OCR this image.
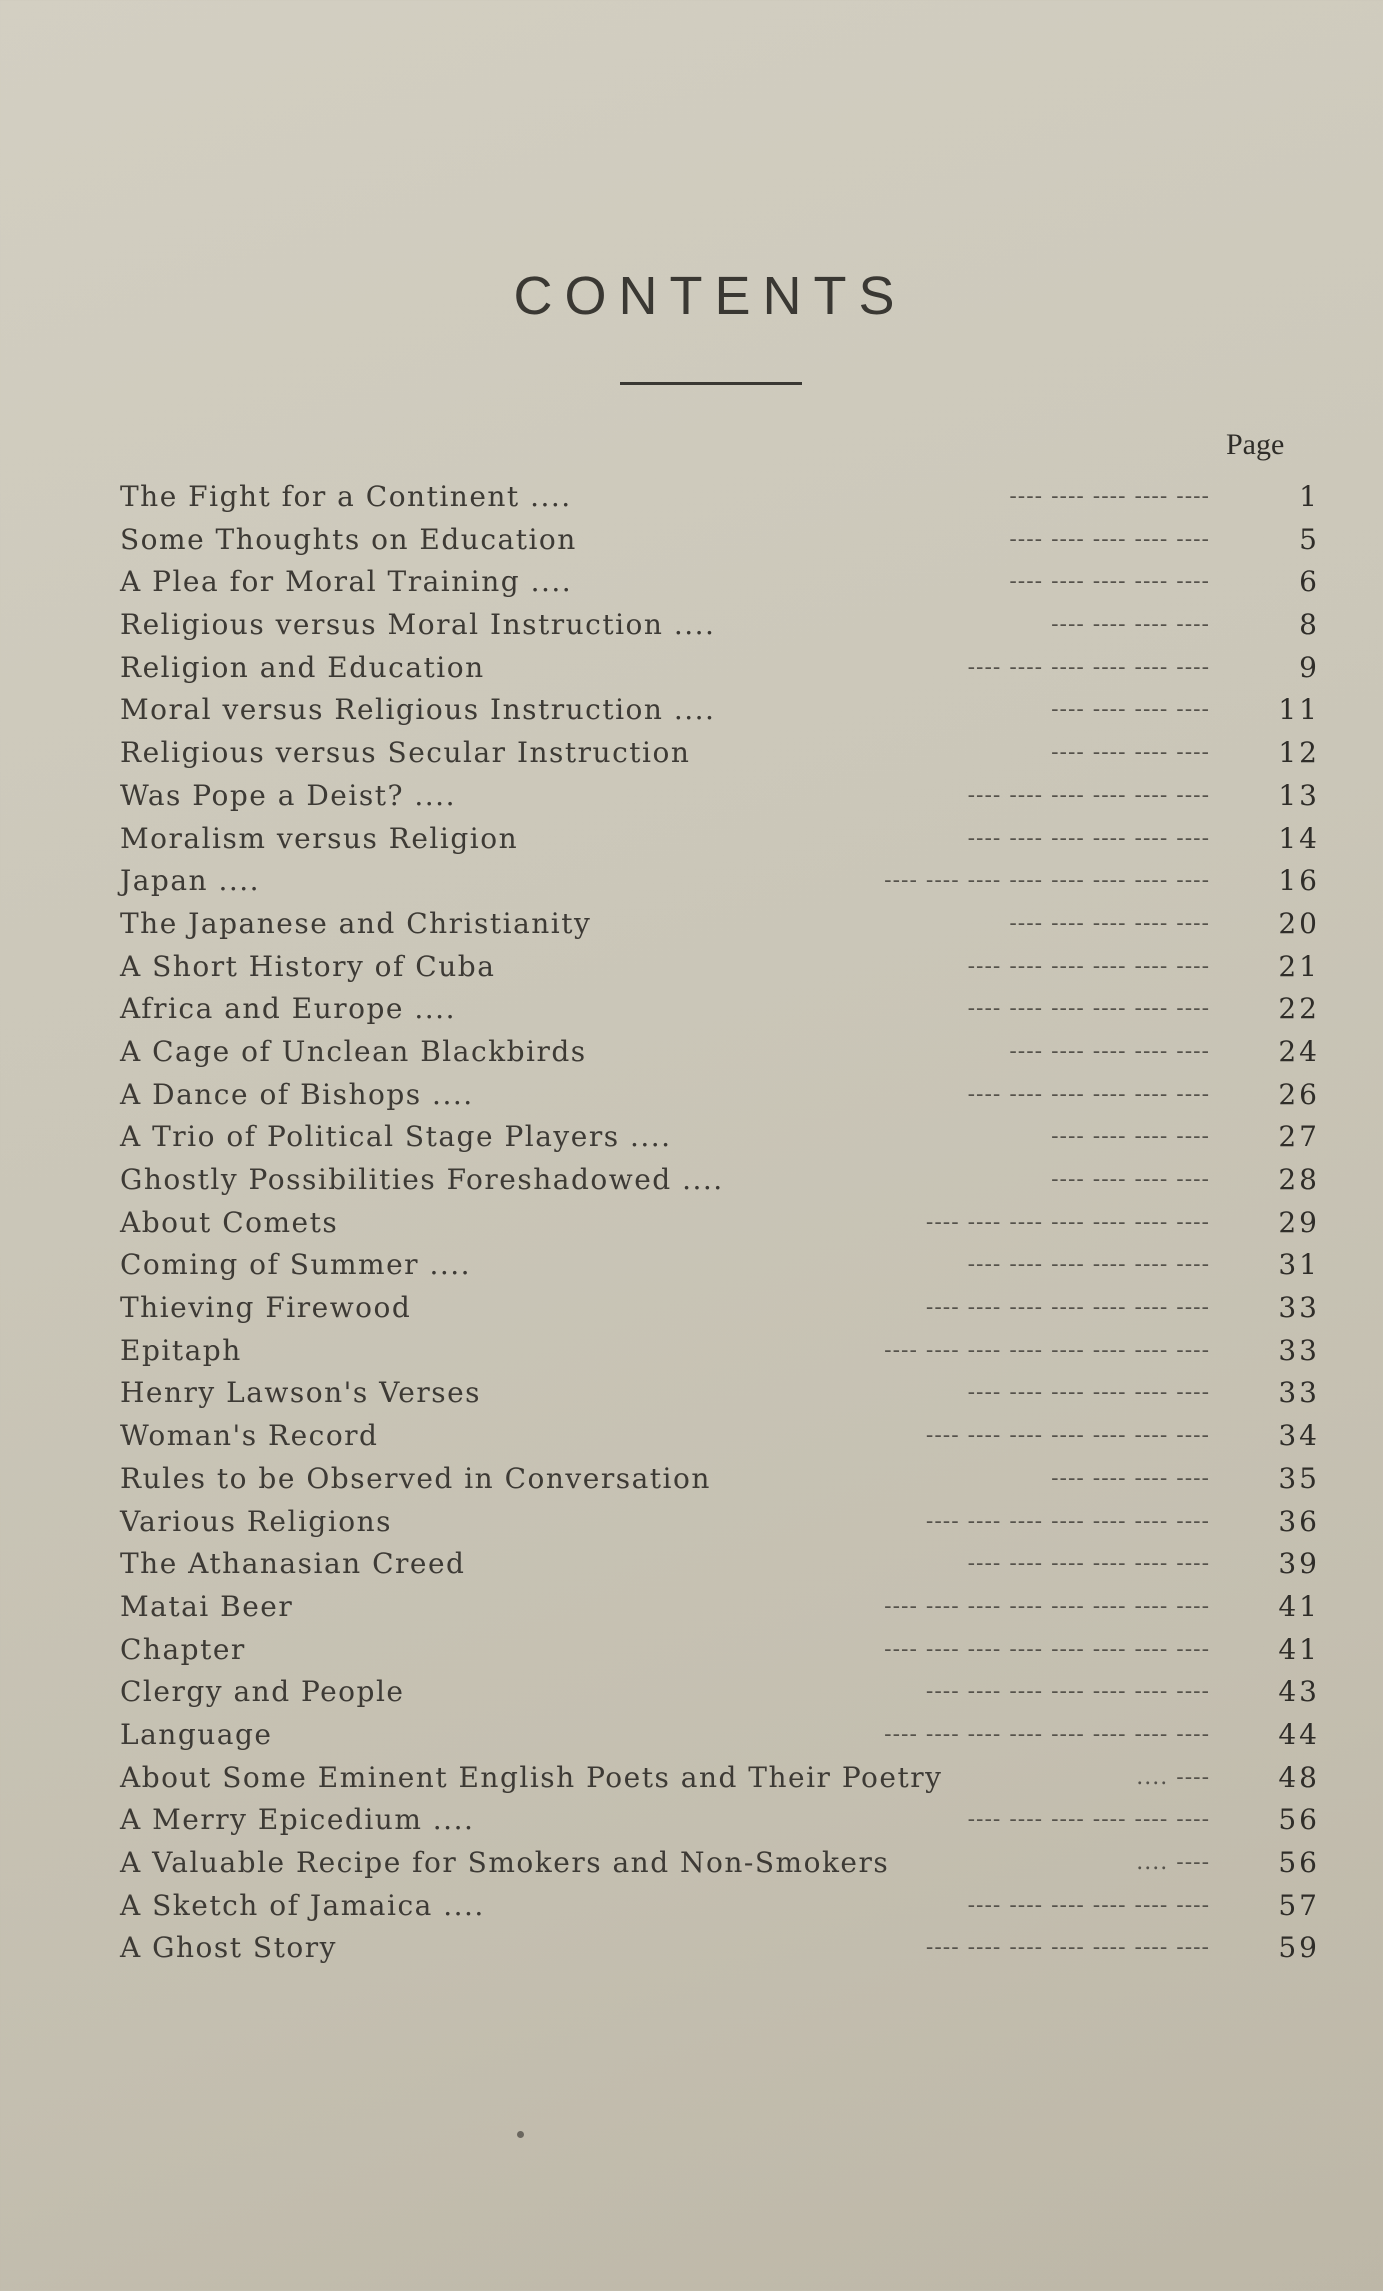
CONTENTS
Page
---- ---- ---- ---- ----
The Fight for a Continent ....	1
---- ---- ---- ---- ----
Some Thoughts on Education	5
---- ---- ---- ---- ----
A Plea for Moral Training ....	6
---- ---- ---- ----
Religious versus Moral Instruction ....	8
---- ---- ---- ---- ---- ----
Religion and Education	9
---- ---- ---- ----
Moral versus Religious Instruction ....	11
---- ---- ---- ----
Religious versus Secular Instruction	12
---- ---- ---- ---- ---- ----
Was Pope a Deist? ....	13
---- ---- ---- ---- ---- ----
Moralism versus Religion	14
---- ---- ---- ---- ---- ---- ---- ----
Japan ....	16
---- ---- ---- ---- ----
The Japanese and Christianity	20
---- ---- ---- ---- ---- ----
A Short History of Cuba	21
---- ---- ---- ---- ---- ----
Africa and Europe ....	22
---- ---- ---- ---- ----
A Cage of Unclean Blackbirds	24
---- ---- ---- ---- ---- ----
A Dance of Bishops ....	26
---- ---- ---- ----
A Trio of Political Stage Players ....	27
---- ---- ---- ----
Ghostly Possibilities Foreshadowed ....	28
---- ---- ---- ---- ---- ---- ----
About Comets	29
---- ---- ---- ---- ---- ----
Coming of Summer ....	31
---- ---- ---- ---- ---- ---- ----
Thieving Firewood	33
---- ---- ---- ---- ---- ---- ---- ----
Epitaph	33
---- ---- ---- ---- ---- ----
Henry Lawson's Verses	33
---- ---- ---- ---- ---- ---- ----
Woman's Record	34
---- ---- ---- ----
Rules to be Observed in Conversation	35
---- ---- ---- ---- ---- ---- ----
Various Religions	36
---- ---- ---- ---- ---- ----
The Athanasian Creed	39
---- ---- ---- ---- ---- ---- ---- ----
Matai Beer	41
---- ---- ---- ---- ---- ---- ---- ----
Chapter	41
---- ---- ---- ---- ---- ---- ----
Clergy and People	43
---- ---- ---- ---- ---- ---- ---- ----
Language	44
.... ----
About Some Eminent English Poets and Their Poetry	48
---- ---- ---- ---- ---- ----
A Merry Epicedium ....	56
.... ----
A Valuable Recipe for Smokers and Non-Smokers	56
---- ---- ---- ---- ---- ----
A Sketch of Jamaica ....	57
---- ---- ---- ---- ---- ---- ----
A Ghost Story	59
